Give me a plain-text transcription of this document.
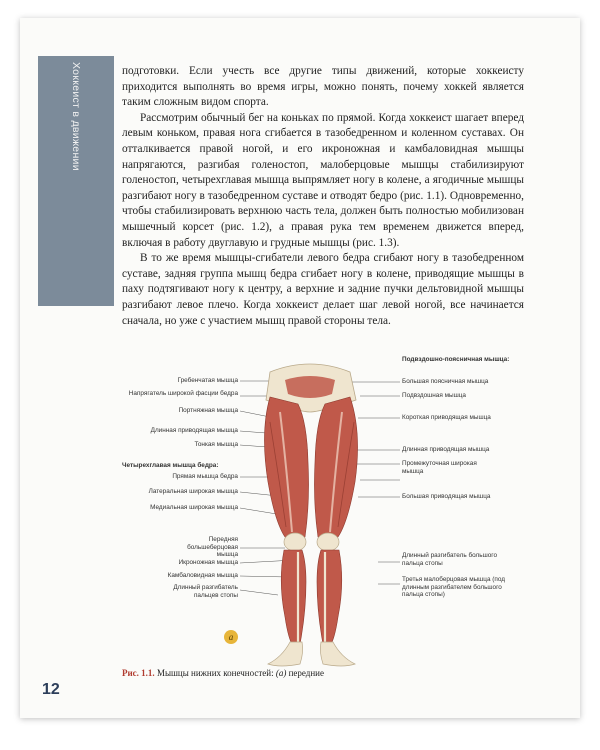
Хоккеист в движении	подготовки. Если учесть все другие типы движений, которые хоккеисту приходится выполнять во время игры, можно понять, почему хоккей является таким сложным видом спорта.

Рассмотрим обычный бег на коньках по прямой. Когда хоккеист шагает вперед левым коньком, правая нога сгибается в тазобедренном и коленном суставах. Он отталкивается правой ногой, и его икроножная и камбаловидная мышцы напрягаются, разгибая голеностоп, малоберцовые мышцы стабилизируют голеностоп, четырехглавая мышца выпрямляет ногу в колене, а ягодичные мышцы разгибают ногу в тазобедренном суставе и отводят бедро (рис. 1.1). Одновременно, чтобы стабилизировать верхнюю часть тела, должен быть полностью мобилизован мышечный корсет (рис. 1.2), а правая рука тем временем движется вперед, включая в работу двуглавую и грудные мышцы (рис. 1.3).

В то же время мышцы-сгибатели левого бедра сгибают ногу в тазобедренном суставе, задняя группа мышц бедра сгибает ногу в колене, приводящие мышцы в паху подтягивают ногу к центру, а верхние и задние пучки дельтовидной мышцы разгибают левое плечо. Когда хоккеист делает шаг левой ногой, все начинается сначала, но уже с участием мышц правой стороны тела.

Гребенчатая мышца
Напрягатель широкой фасции бедра
Портняжная мышца
Длинная приводящая мышца
Тонкая мышца
Четырехглавая мышца бедра:
Прямая мышца бедра
Латеральная широкая мышца
Медиальная широкая мышца
Передняя большеберцовая мышца
Икроножная мышца
Камбаловидная мышца
Длинный разгибатель пальцев стопы
Подвздошно-поясничная мышца:
Большая поясничная мышца
Подвздошная мышца
Короткая приводящая мышца
Длинная приводящая мышца
Промежуточная широкая мышца
Большая приводящая мышца
Длинный разгибатель большого пальца стопы
Третья малоберцовая мышца (под длинным разгибателем большого пальца стопы)
a
Рис. 1.1. Мышцы нижних конечностей: (а) передние
12
